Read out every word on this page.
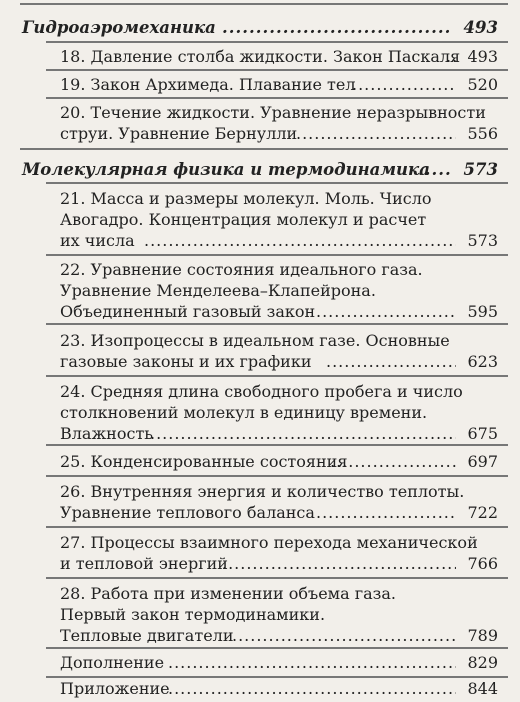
Гидроаэромеханика .....	493
18. Давление столба жидкости. Закон Паскаля ..... 493
19. Закон Архимеда. Плавание тел .....	520
20. Течение жидкости. Уравнение неразрывности
струи. Уравнение Бернулли .....	556
Молекулярная физика и термодинамика ..... 573
21. Масса и размеры молекул. Моль. Число
Авогадро. Концентрация молекул и расчет
их числа .....	573
22. Уравнение состояния идеального газа.
Уравнение Менделеева–Клапейрона.
Объединенный газовый закон .....	595
23. Изопроцессы в идеальном газе. Основные
газовые законы и их графики .....	623
24. Средняя длина свободного пробега и число
столкновений молекул в единицу времени.
Влажность .....	675
25. Конденсированные состояния .....	697
26. Внутренняя энергия и количество теплоты.
Уравнение теплового баланса .....	722
27. Процессы взаимного перехода механической
и тепловой энергий .....	766
28. Работа при изменении объема газа.
Первый закон термодинамики.
Тепловые двигатели .....	789
Дополнение .....	829
Приложение .....	844
